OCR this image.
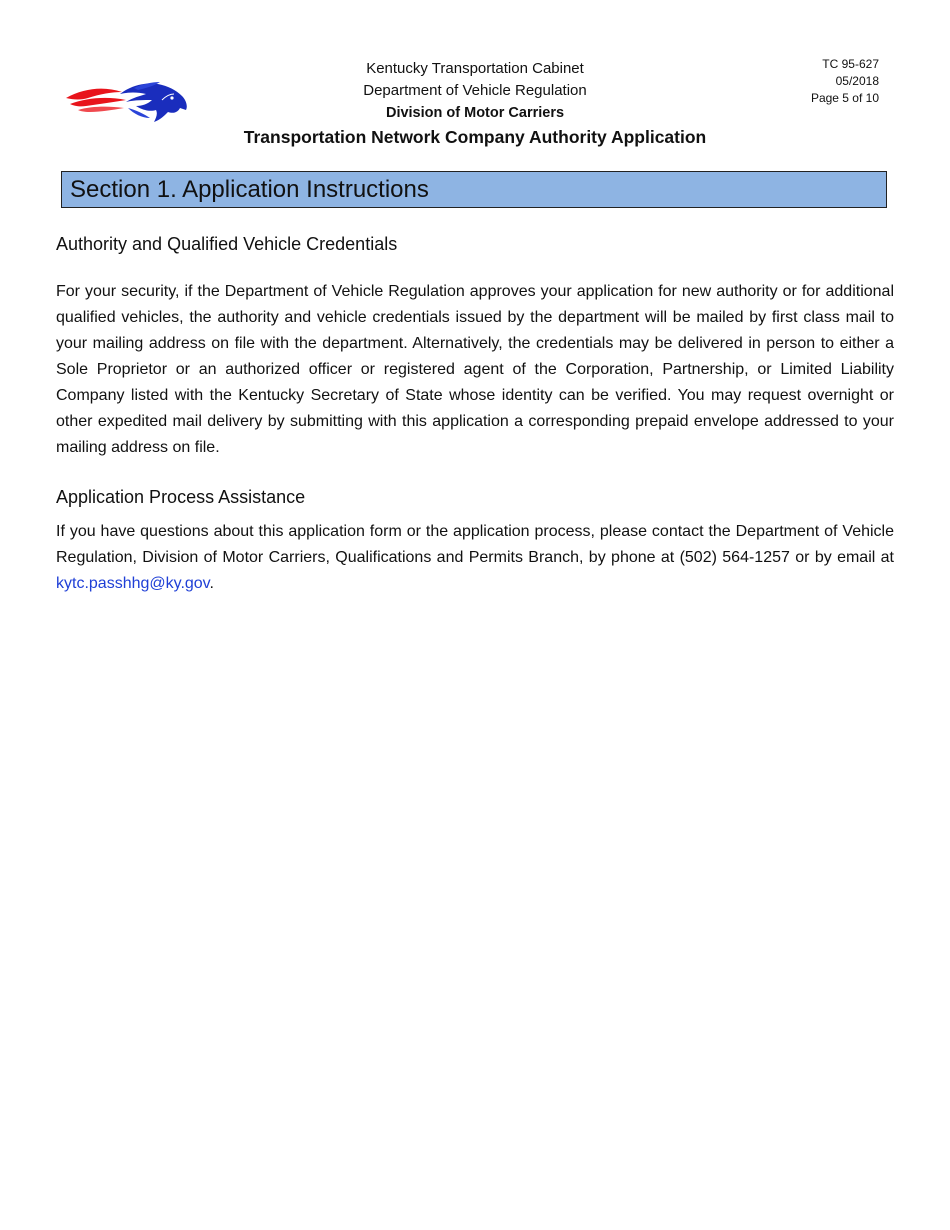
Kentucky Transportation Cabinet
Department of Vehicle Regulation
Division of Motor Carriers
Transportation Network Company Authority Application
TC 95-627
05/2018
Page 5 of 10
Section 1. Application Instructions
Authority and Qualified Vehicle Credentials
For your security, if the Department of Vehicle Regulation approves your application for new authority or for additional qualified vehicles, the authority and vehicle credentials issued by the department will be mailed by first class mail to your mailing address on file with the department. Alternatively, the credentials may be delivered in person to either a Sole Proprietor or an authorized officer or registered agent of the Corporation, Partnership, or Limited Liability Company listed with the Kentucky Secretary of State whose identity can be verified. You may request overnight or other expedited mail delivery by submitting with this application a corresponding prepaid envelope addressed to your mailing address on file.
Application Process Assistance
If you have questions about this application form or the application process, please contact the Department of Vehicle Regulation, Division of Motor Carriers, Qualifications and Permits Branch, by phone at (502) 564-1257 or by email at kytc.passhhg@ky.gov.
